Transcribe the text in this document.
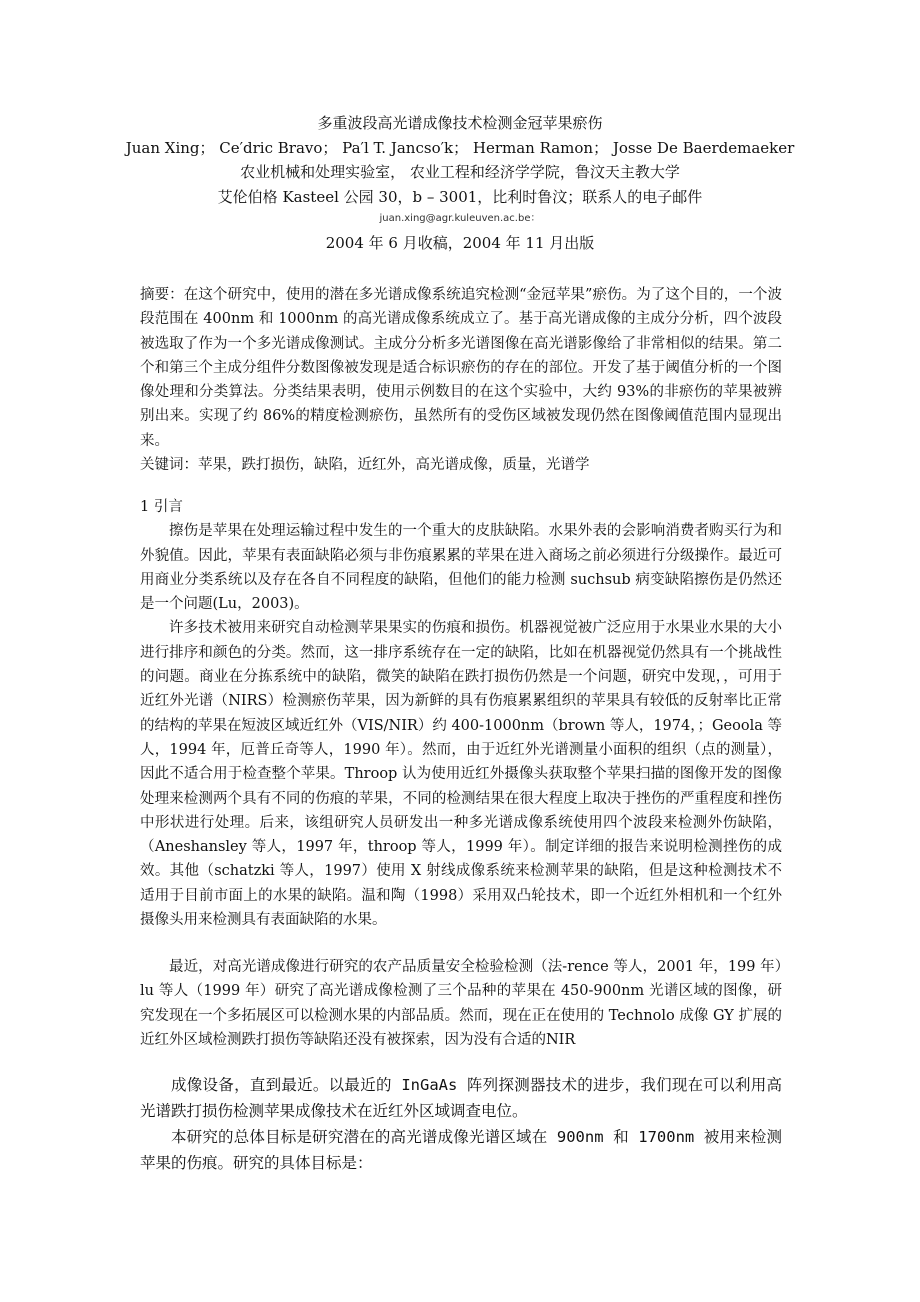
多重波段高光谱成像技术检测金冠苹果瘀伤
Juan Xing； Ce′dric Bravo； Pa′l T. Jancso′k； Herman Ramon； Josse De Baerdemaeker
农业机械和处理实验室， 农业工程和经济学学院，鲁汶天主教大学
艾伦伯格 Kasteel 公园 30，b – 3001，比利时鲁汶；联系人的电子邮件
juan.xing@agr.kuleuven.ac.be：
2004 年 6 月收稿，2004 年 11 月出版

摘要：在这个研究中，使用的潜在多光谱成像系统追究检测“金冠苹果”瘀伤。为了这个目的，一个波段范围在 400nm 和 1000nm 的高光谱成像系统成立了。基于高光谱成像的主成分分析，四个波段被选取了作为一个多光谱成像测试。主成分分析多光谱图像在高光谱影像给了非常相似的结果。第二个和第三个主成分组件分数图像被发现是适合标识瘀伤的存在的部位。开发了基于阈值分析的一个图像处理和分类算法。分类结果表明，使用示例数目的在这个实验中，大约 93%的非瘀伤的苹果被辨别出来。实现了约 86%的精度检测瘀伤，虽然所有的受伤区域被发现仍然在图像阈值范围内显现出来。

关键词：苹果，跌打损伤，缺陷，近红外，高光谱成像，质量，光谱学

1 引言

擦伤是苹果在处理运输过程中发生的一个重大的皮肤缺陷。水果外表的会影响消费者购买行为和外貌值。因此，苹果有表面缺陷必须与非伤痕累累的苹果在进入商场之前必须进行分级操作。最近可用商业分类系统以及存在各自不同程度的缺陷，但他们的能力检测 suchsub 病变缺陷擦伤是仍然还是一个问题(Lu，2003)。

许多技术被用来研究自动检测苹果果实的伤痕和损伤。机器视觉被广泛应用于水果业水果的大小进行排序和颜色的分类。然而，这一排序系统存在一定的缺陷，比如在机器视觉仍然具有一个挑战性的问题。商业在分拣系统中的缺陷，微笑的缺陷在跌打损伤仍然是一个问题，研究中发现，，可用于近红外光谱（NIRS）检测瘀伤苹果，因为新鲜的具有伤痕累累组织的苹果具有较低的反射率比正常的结构的苹果在短波区域近红外（VIS/NIR）约 400-1000nm（brown 等人，1974，；Geoola 等人，1994 年，厄普丘奇等人，1990 年）。然而，由于近红外光谱测量小面积的组织（点的测量），因此不适合用于检查整个苹果。Throop 认为使用近红外摄像头获取整个苹果扫描的图像开发的图像处理来检测两个具有不同的伤痕的苹果，不同的检测结果在很大程度上取决于挫伤的严重程度和挫伤中形状进行处理。后来，该组研究人员研发出一种多光谱成像系统使用四个波段来检测外伤缺陷，（Aneshansley 等人，1997 年，throop 等人，1999 年）。制定详细的报告来说明检测挫伤的成效。其他（schatzki 等人，1997）使用 X 射线成像系统来检测苹果的缺陷，但是这种检测技术不适用于目前市面上的水果的缺陷。温和陶（1998）采用双凸轮技术，即一个近红外相机和一个红外摄像头用来检测具有表面缺陷的水果。

最近，对高光谱成像进行研究的农产品质量安全检验检测（法-rence 等人，2001 年，199 年）lu 等人（1999 年）研究了高光谱成像检测了三个品种的苹果在 450-900nm 光谱区域的图像，研究发现在一个多拓展区可以检测水果的内部品质。然而，现在正在使用的 Technolo 成像 GY 扩展的近红外区域检测跌打损伤等缺陷还没有被探索，因为没有合适的NIR

成像设备，直到最近。以最近的 InGaAs 阵列探测器技术的进步，我们现在可以利用高光谱跌打损伤检测苹果成像技术在近红外区域调查电位。

本研究的总体目标是研究潜在的高光谱成像光谱区域在 900nm 和 1700nm 被用来检测苹果的伤痕。研究的具体目标是：
